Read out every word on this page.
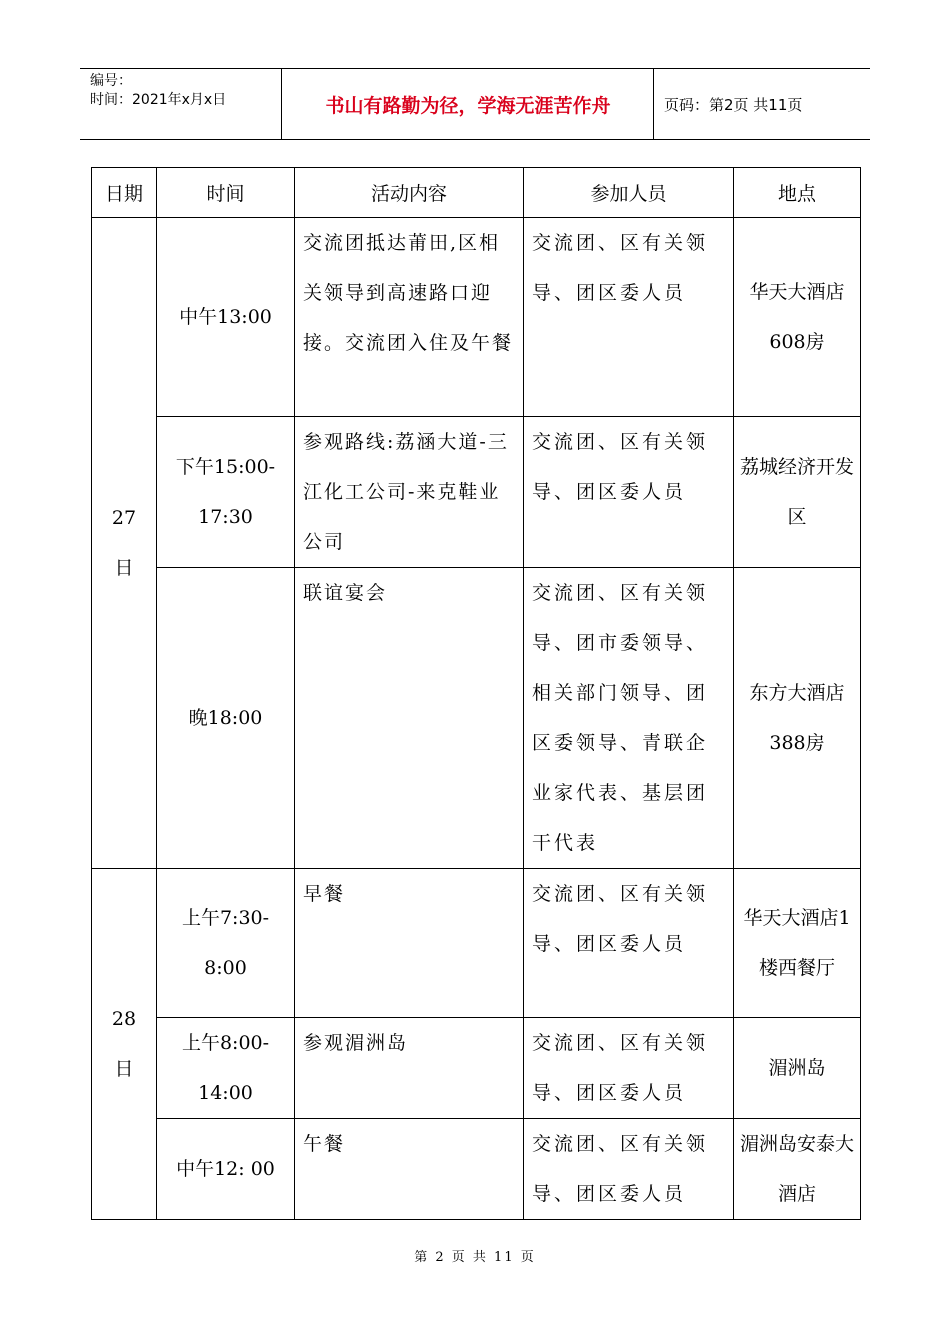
编号：
时间：2021年x月x日	书山有路勤为径，学海无涯苦作舟	页码：第2页 共11页
日期	时间	活动内容	参加人员	地点

27日	中午13:00	交流团抵达莆田,区相关领导到高速路口迎接。交流团入住及午餐	交流团、区有关领导、团区委人员	华天大酒店608房

	下午15:00-17:30	参观路线:荔涵大道-三江化工公司-来克鞋业公司	交流团、区有关领导、团区委人员	荔城经济开发区
	晚18:00	联谊宴会	交流团、区有关领导、团市委领导、相关部门领导、团区委领导、青联企业家代表、基层团干代表	东方大酒店388房

28日	上午7:30-8:00	早餐	交流团、区有关领导、团区委人员	华天大酒店1楼西餐厅

	上午8:00-14:00	参观湄洲岛	交流团、区有关领导、团区委人员	湄洲岛
	中午12: 00	午餐	交流团、区有关领导、团区委人员	湄洲岛安泰大酒店
第 2 页 共 11 页
